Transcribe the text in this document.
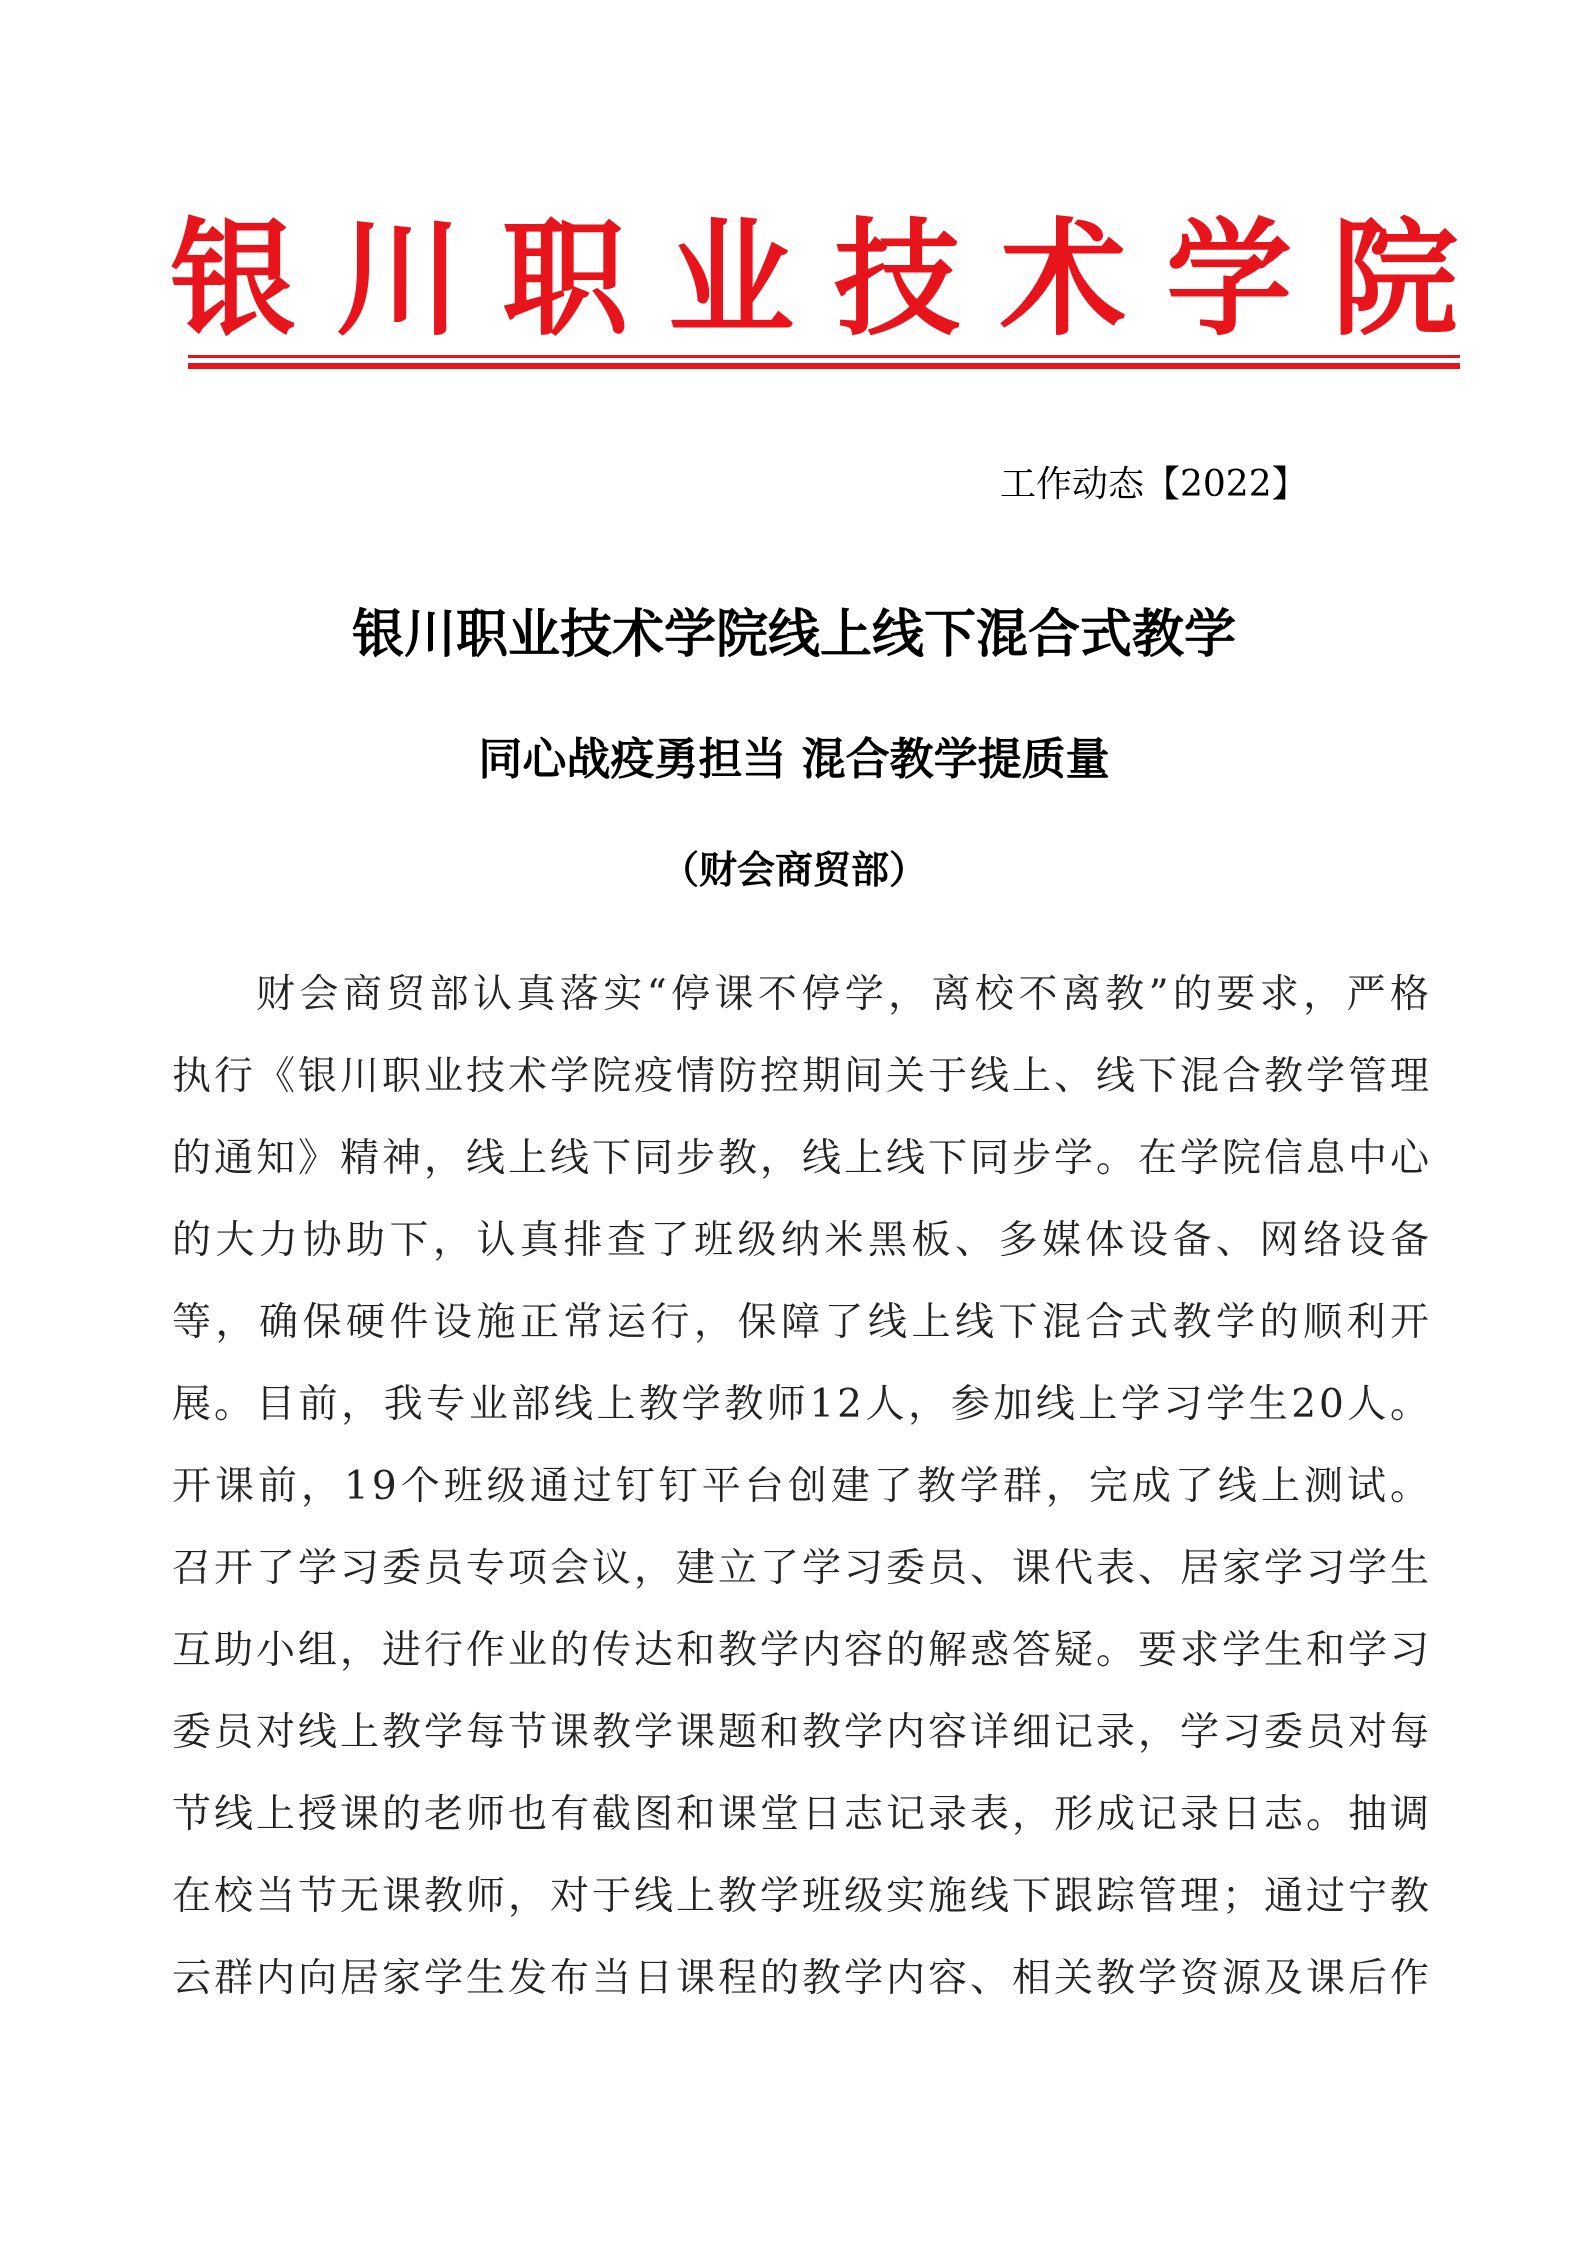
银川职业技术学院
工作动态【2022】
银川职业技术学院线上线下混合式教学
同心战疫勇担当 混合教学提质量
（财会商贸部）

财会商贸部认真落实“停课不停学，离校不离教”的要求，严格执行《银川职业技术学院疫情防控期间关于线上、线下混合教学管理的通知》精神，线上线下同步教，线上线下同步学。在学院信息中心的大力协助下，认真排查了班级纳米黑板、多媒体设备、网络设备等，确保硬件设施正常运行，保障了线上线下混合式教学的顺利开展。 目前，我专业部线上教学教师12人，参加线上学习学生20人。开课前，19个班级通过钉钉平台创建了教学群，完成了线上测试。召开了学习委员专项会议，建立了学习委员、课代表、居家学习学生互助小组，进行作业的传达和教学内容的解惑答疑。要求学生和学习委员对线上教学每节课教学课题和教学内容详细记录，学习委员对每节线上授课的老师也有截图和课堂日志记录表，形成记录日志。抽调在校当节无课教师，对于线上教学班级实施线下跟踪管理；通过宁教云群内向居家学生发布当日课程的教学内容、相关教学资源及课后作
